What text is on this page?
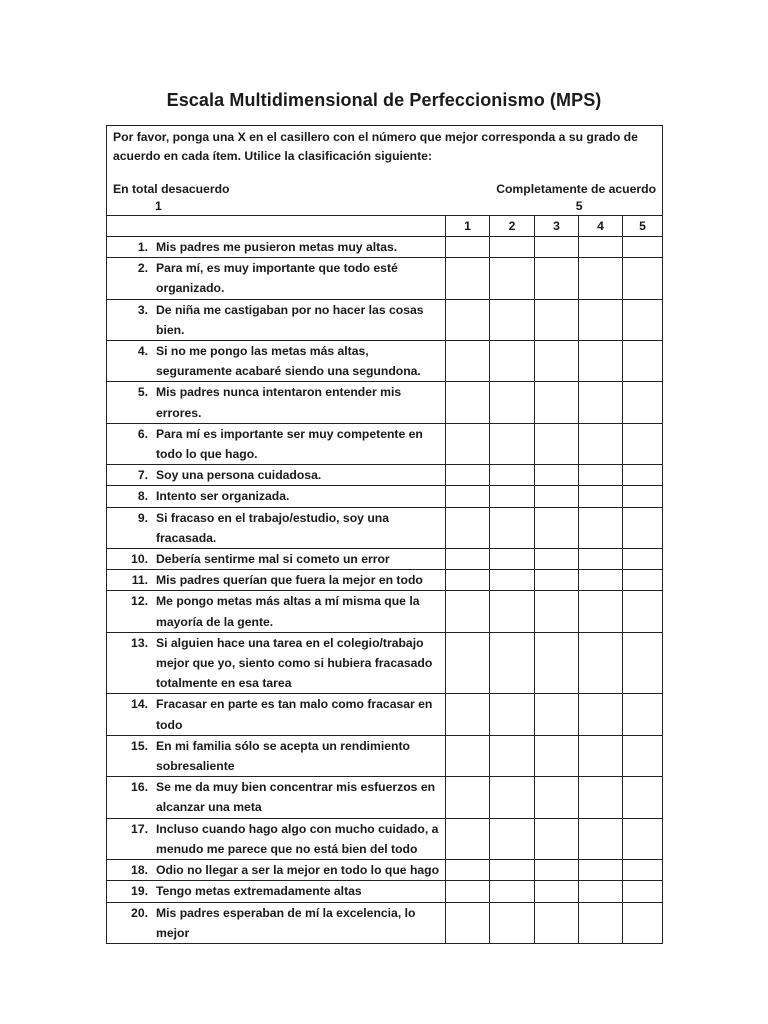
Escala Multidimensional de Perfeccionismo (MPS)
Por favor, ponga una X en el casillero con el número que mejor corresponda a su grado de acuerdo en cada ítem. Utilice la clasificación siguiente:
En total desacuerdo
1
Completamente de acuerdo
5					

	1	2	3	4	5

1. Mis padres me pusieron metas muy altas.					

2. Para mí, es muy importante que todo esté organizado.					

3. De niña me castigaban por no hacer las cosas bien.					

4. Si no me pongo las metas más altas, seguramente acabaré siendo una segundona.					

5. Mis padres nunca intentaron entender mis errores.					

6. Para mí es importante ser muy competente en todo lo que hago.					

7. Soy una persona cuidadosa.					

8. Intento ser organizada.					

9. Si fracaso en el trabajo/estudio, soy una fracasada.					

10. Debería sentirme mal si cometo un error					

11. Mis padres querían que fuera la mejor en todo					

12. Me pongo metas más altas a mí misma que la mayoría de la gente.					

13. Si alguien hace una tarea en el colegio/trabajo mejor que yo, siento como si hubiera fracasado totalmente en esa tarea					

14. Fracasar en parte es tan malo como fracasar en todo					

15. En mi familia sólo se acepta un rendimiento sobresaliente					

16. Se me da muy bien concentrar mis esfuerzos en alcanzar una meta					

17. Incluso cuando hago algo con mucho cuidado, a menudo me parece que no está bien del todo					

18. Odio no llegar a ser la mejor en todo lo que hago					

19. Tengo metas extremadamente altas					

20. Mis padres esperaban de mí la excelencia, lo mejor					
